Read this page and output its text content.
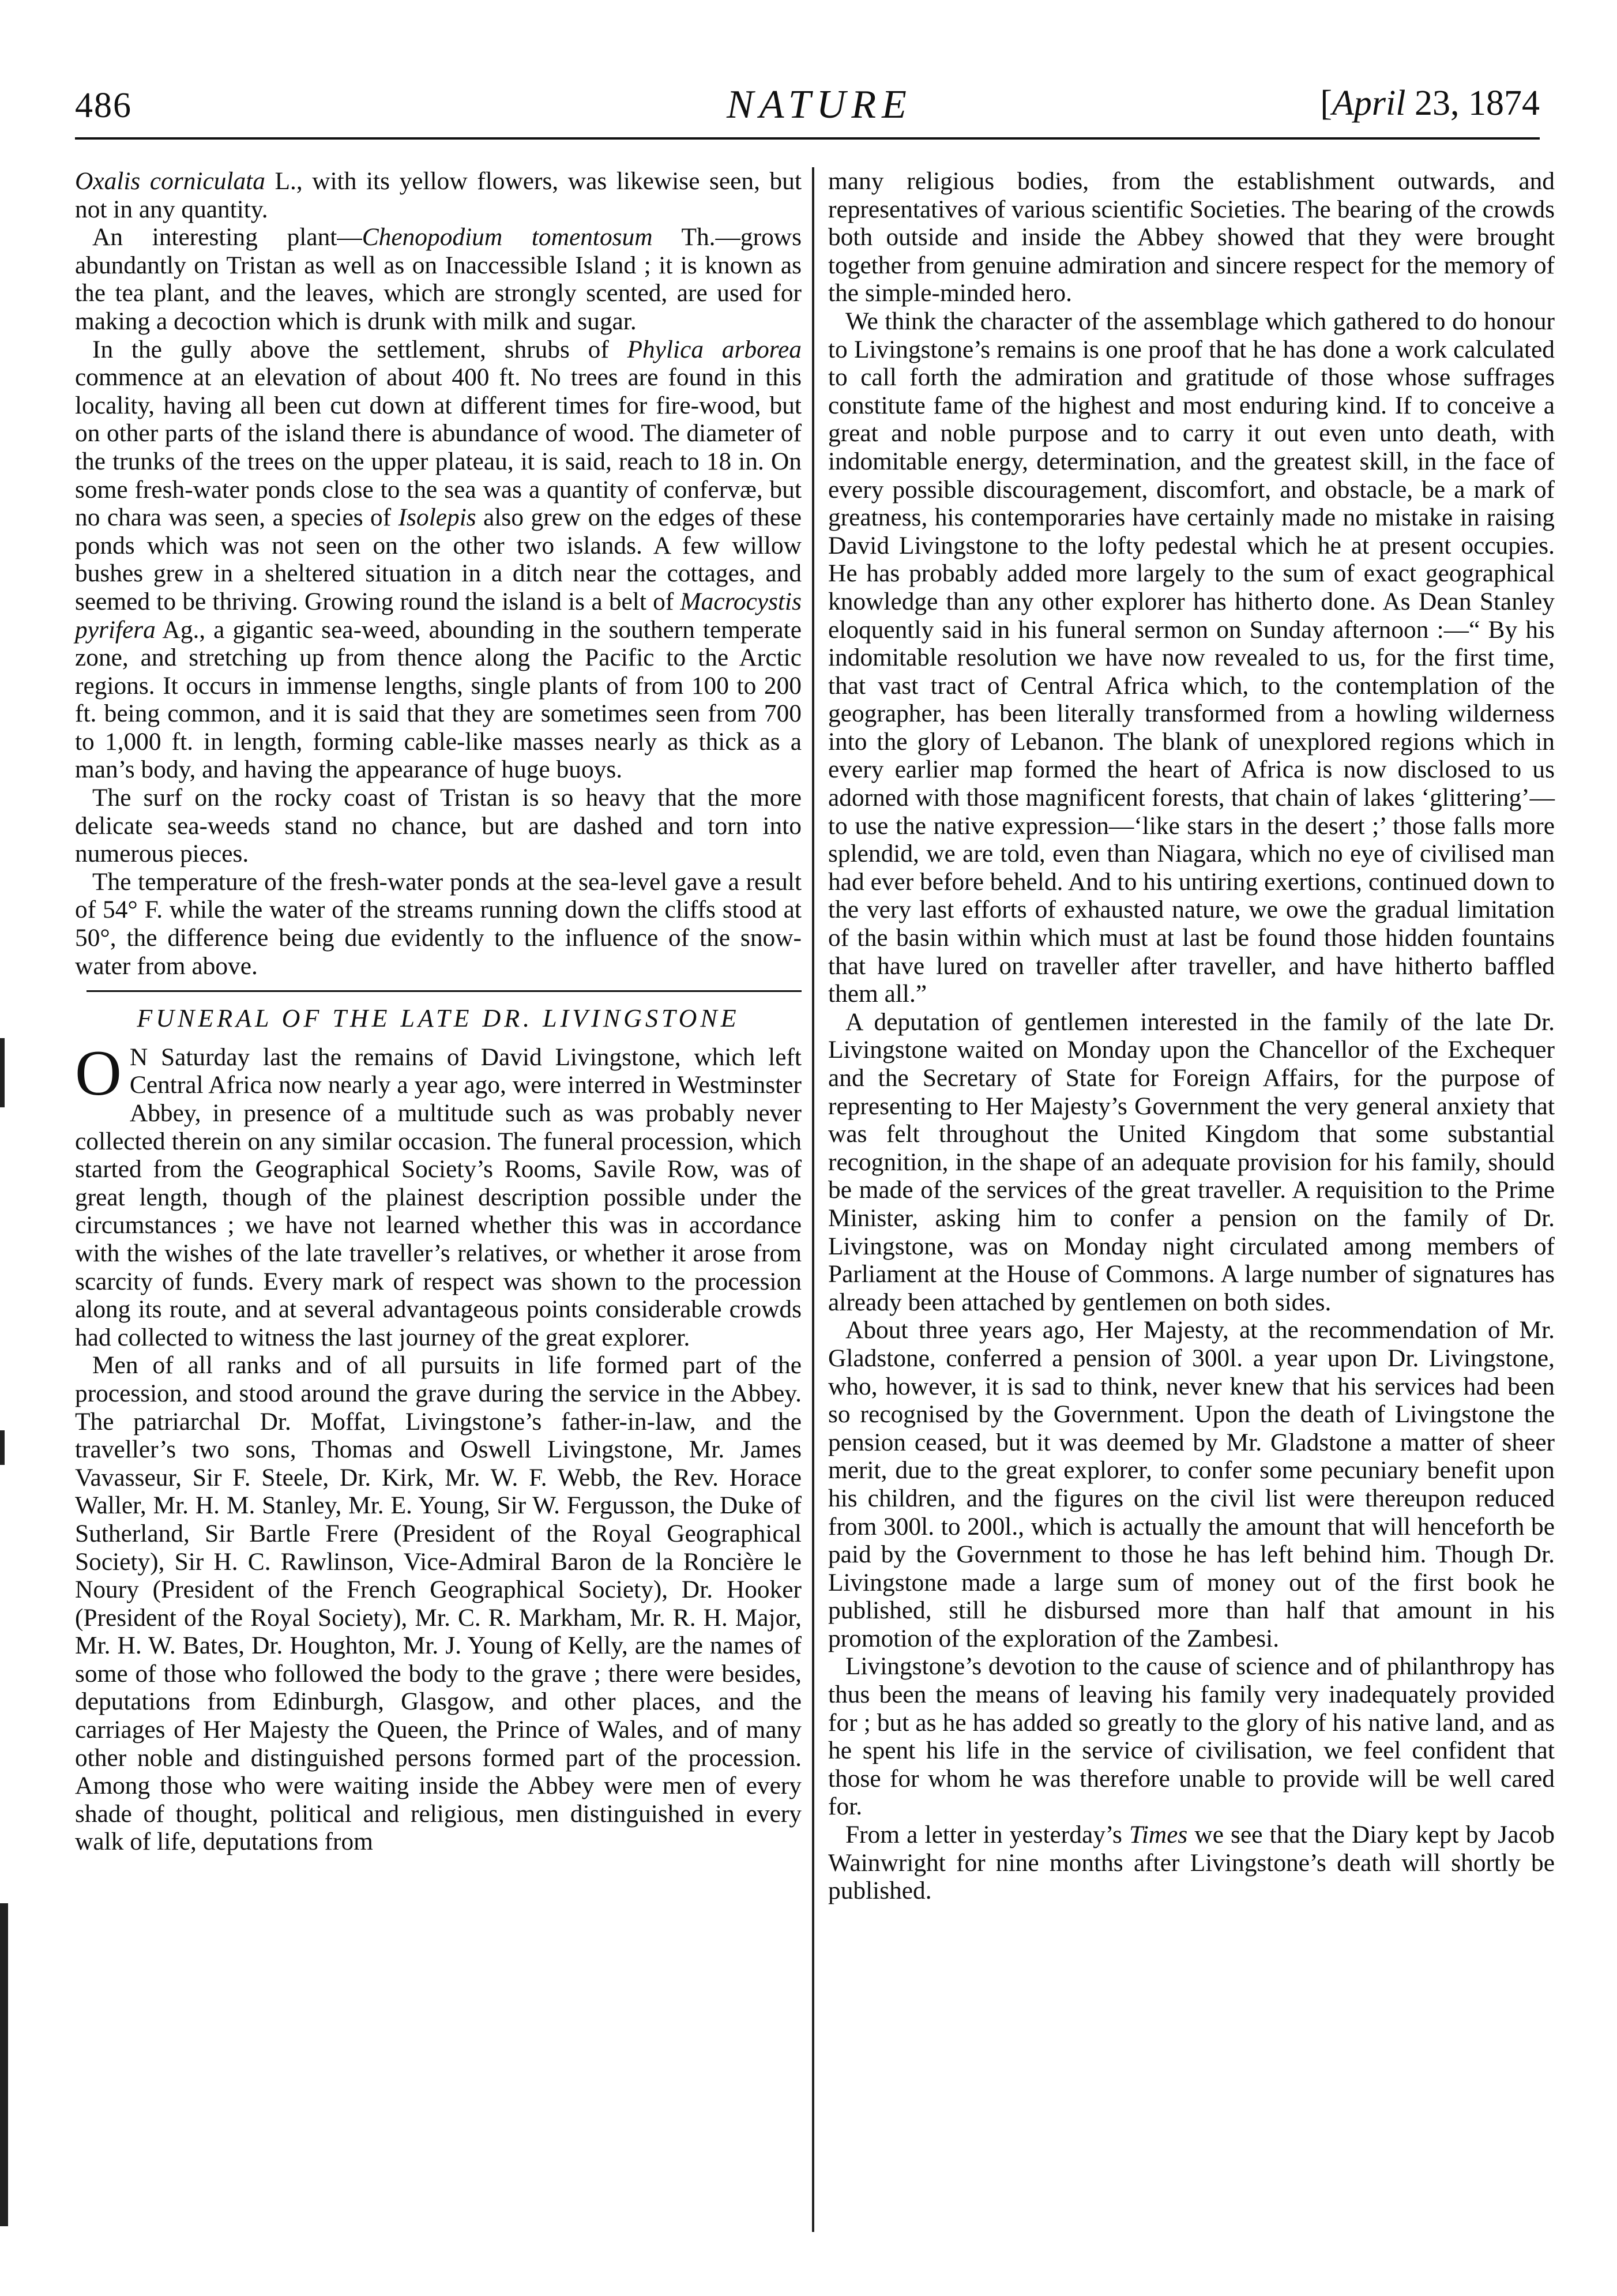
486	NATURE	[April 23, 1874

Oxalis corniculata L., with its yellow flowers, was likewise seen, but not in any quantity.

An interesting plant—Chenopodium tomentosum Th.—grows abundantly on Tristan as well as on Inaccessible Island ; it is known as the tea plant, and the leaves, which are strongly scented, are used for making a decoction which is drunk with milk and sugar.

In the gully above the settlement, shrubs of Phylica arborea commence at an elevation of about 400 ft. No trees are found in this locality, having all been cut down at different times for fire-wood, but on other parts of the island there is abundance of wood. The diameter of the trunks of the trees on the upper plateau, it is said, reach to 18 in. On some fresh-water ponds close to the sea was a quantity of confervæ, but no chara was seen, a species of Isolepis also grew on the edges of these ponds which was not seen on the other two islands. A few willow bushes grew in a sheltered situation in a ditch near the cottages, and seemed to be thriving. Growing round the island is a belt of Macrocystis pyrifera Ag., a gigantic sea-weed, abounding in the southern temperate zone, and stretching up from thence along the Pacific to the Arctic regions. It occurs in immense lengths, single plants of from 100 to 200 ft. being common, and it is said that they are sometimes seen from 700 to 1,000 ft. in length, forming cable-like masses nearly as thick as a man’s body, and having the appearance of huge buoys.

The surf on the rocky coast of Tristan is so heavy that the more delicate sea-weeds stand no chance, but are dashed and torn into numerous pieces.

The temperature of the fresh-water ponds at the sea-level gave a result of 54° F. while the water of the streams running down the cliffs stood at 50°, the difference being due evidently to the influence of the snow-water from above.

FUNERAL OF THE LATE DR. LIVINGSTONE

O N Saturday last the remains of David Livingstone, which left Central Africa now nearly a year ago, were interred in Westminster Abbey, in presence of a multitude such as was probably never collected therein on any similar occasion. The funeral procession, which started from the Geographical Society’s Rooms, Savile Row, was of great length, though of the plainest description possible under the circumstances ; we have not learned whether this was in accordance with the wishes of the late traveller’s relatives, or whether it arose from scarcity of funds. Every mark of respect was shown to the procession along its route, and at several advantageous points considerable crowds had collected to witness the last journey of the great explorer.

Men of all ranks and of all pursuits in life formed part of the procession, and stood around the grave during the service in the Abbey. The patriarchal Dr. Moffat, Livingstone’s father-in-law, and the traveller’s two sons, Thomas and Oswell Livingstone, Mr. James Vavasseur, Sir F. Steele, Dr. Kirk, Mr. W. F. Webb, the Rev. Horace Waller, Mr. H. M. Stanley, Mr. E. Young, Sir W. Fergusson, the Duke of Sutherland, Sir Bartle Frere (President of the Royal Geographical Society), Sir H. C. Rawlinson, Vice-Admiral Baron de la Roncière le Noury (President of the French Geographical Society), Dr. Hooker (President of the Royal Society), Mr. C. R. Markham, Mr. R. H. Major, Mr. H. W. Bates, Dr. Houghton, Mr. J. Young of Kelly, are the names of some of those who followed the body to the grave ; there were besides, deputations from Edinburgh, Glasgow, and other places, and the carriages of Her Majesty the Queen, the Prince of Wales, and of many other noble and distinguished persons formed part of the procession. Among those who were waiting inside the Abbey were men of every shade of thought, political and religious, men distinguished in every walk of life, deputations from

many religious bodies, from the establishment outwards, and representatives of various scientific Societies. The bearing of the crowds both outside and inside the Abbey showed that they were brought together from genuine admiration and sincere respect for the memory of the simple-minded hero.

We think the character of the assemblage which gathered to do honour to Livingstone’s remains is one proof that he has done a work calculated to call forth the admiration and gratitude of those whose suffrages constitute fame of the highest and most enduring kind. If to conceive a great and noble purpose and to carry it out even unto death, with indomitable energy, determination, and the greatest skill, in the face of every possible discouragement, discomfort, and obstacle, be a mark of greatness, his contemporaries have certainly made no mistake in raising David Livingstone to the lofty pedestal which he at present occupies. He has probably added more largely to the sum of exact geographical knowledge than any other explorer has hitherto done. As Dean Stanley eloquently said in his funeral sermon on Sunday afternoon :—“ By his indomitable resolution we have now revealed to us, for the first time, that vast tract of Central Africa which, to the contemplation of the geographer, has been literally transformed from a howling wilderness into the glory of Lebanon. The blank of unexplored regions which in every earlier map formed the heart of Africa is now disclosed to us adorned with those magnificent forests, that chain of lakes ‘glittering’—to use the native expression—‘like stars in the desert ;’ those falls more splendid, we are told, even than Niagara, which no eye of civilised man had ever before beheld. And to his untiring exertions, continued down to the very last efforts of exhausted nature, we owe the gradual limitation of the basin within which must at last be found those hidden fountains that have lured on traveller after traveller, and have hitherto baffled them all.”

A deputation of gentlemen interested in the family of the late Dr. Livingstone waited on Monday upon the Chancellor of the Exchequer and the Secretary of State for Foreign Affairs, for the purpose of representing to Her Majesty’s Government the very general anxiety that was felt throughout the United Kingdom that some substantial recognition, in the shape of an adequate provision for his family, should be made of the services of the great traveller. A requisition to the Prime Minister, asking him to confer a pension on the family of Dr. Livingstone, was on Monday night circulated among members of Parliament at the House of Commons. A large number of signatures has already been attached by gentlemen on both sides.

About three years ago, Her Majesty, at the recommendation of Mr. Gladstone, conferred a pension of 300l. a year upon Dr. Livingstone, who, however, it is sad to think, never knew that his services had been so recognised by the Government. Upon the death of Livingstone the pension ceased, but it was deemed by Mr. Gladstone a matter of sheer merit, due to the great explorer, to confer some pecuniary benefit upon his children, and the figures on the civil list were thereupon reduced from 300l. to 200l., which is actually the amount that will henceforth be paid by the Government to those he has left behind him. Though Dr. Livingstone made a large sum of money out of the first book he published, still he disbursed more than half that amount in his promotion of the exploration of the Zambesi.

Livingstone’s devotion to the cause of science and of philanthropy has thus been the means of leaving his family very inadequately provided for ; but as he has added so greatly to the glory of his native land, and as he spent his life in the service of civilisation, we feel confident that those for whom he was therefore unable to provide will be well cared for.

From a letter in yesterday’s Times we see that the Diary kept by Jacob Wainwright for nine months after Livingstone’s death will shortly be published.
